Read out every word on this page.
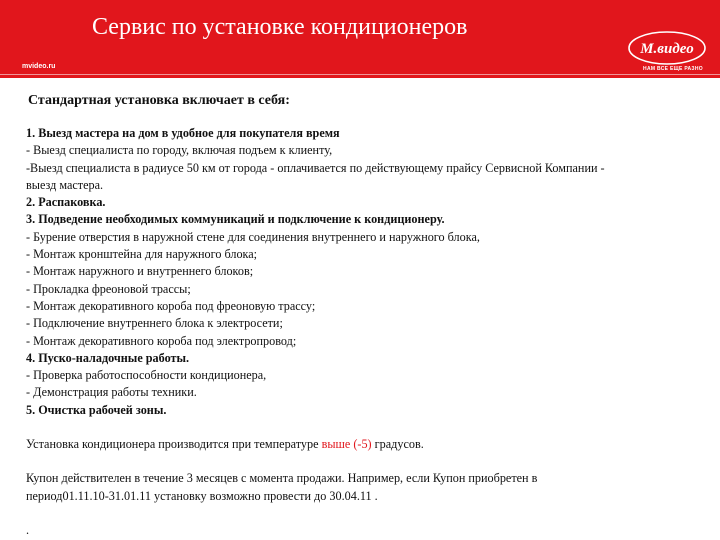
Сервис по установке кондиционеров
mvideo.ru
М.видео
НАМ ВСЕ ЕЩЕ РАЗНО
Стандартная установка включает в себя:
1. Выезд мастера на дом в удобное для покупателя время
- Выезд специалиста по городу, включая подъем к клиенту,
-Выезд специалиста в радиусе 50 км от города - оплачивается по действующему прайсу Сервисной Компании -
выезд мастера.
2. Распаковка.
3. Подведение необходимых коммуникаций и подключение к кондиционеру.
- Бурение отверстия в наружной стене для соединения внутреннего и наружного блока,
- Монтаж кронштейна для наружного блока;
- Монтаж наружного и внутреннего блоков;
- Прокладка фреоновой трассы;
- Монтаж декоративного короба под фреоновую трассу;
- Подключение внутреннего блока к электросети;
- Монтаж декоративного короба под электропровод;
4. Пуско-наладочные работы.
- Проверка работоспособности кондиционера,
- Демонстрация работы техники.
5. Очистка рабочей зоны.
Установка кондиционера производится при температуре выше (-5) градусов.
Купон действителен в течение 3 месяцев с момента продажи. Например, если Купон приобретен в
период01.11.10-31.01.11 установку возможно провести до 30.04.11 .
.
